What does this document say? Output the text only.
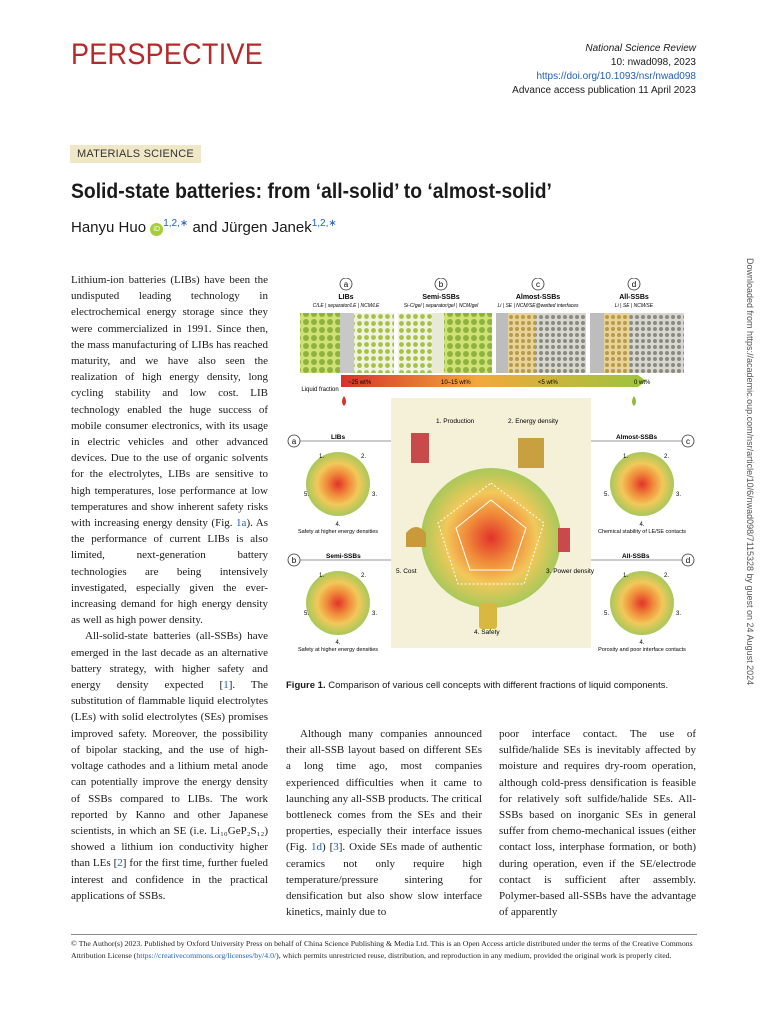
PERSPECTIVE	National Science Review
10: nwad098, 2023
https://doi.org/10.1093/nsr/nwad098
Advance access publication 11 April 2023
MATERIALS SCIENCE
Solid-state batteries: from ‘all-solid’ to ‘almost-solid’
Hanyu Huo $iD^{1,2,∗}$ and Jürgen Janek$^{1,2,∗}$

Lithium-ion batteries (LIBs) have been the undisputed leading technology in electrochemical energy storage since they were commercialized in 1991. Since then, the mass manufacturing of LIBs has reached maturity, and we have also seen the realization of high energy density, long cycling stability and low cost. LIB technology enabled the huge success of mobile consumer electronics, with its usage in electric vehicles and other advanced devices. Due to the use of organic solvents for the electrolytes, LIBs are sensitive to high temperatures, lose performance at low temperatures and show inherent safety risks with increasing energy density (Fig. 1a). As the performance of current LIBs is also limited, next-generation battery technologies are being intensively investigated, especially given the ever-increasing demand for high energy density as well as high power density.

All-solid-state batteries (all-SSBs) have emerged in the last decade as an alternative battery strategy, with higher safety and energy density expected [1]. The substitution of flammable liquid electrolytes (LEs) with solid electrolytes (SEs) promises improved safety. Moreover, the possibility of bipolar stacking, and the use of high-voltage cathodes and a lithium metal anode can potentially improve the energy density of SSBs compared to LIBs. The work reported by Kanno and other Japanese scientists, in which an SE (i.e. Li₁₀GeP₂S₁₂) showed a lithium ion conductivity higher than LEs [2] for the first time, further fueled interest and confidence in the practical applications of SSBs.

a
LIBs
C/LE | separator/LE | NCM/LE
b
Semi-SSBs
Si-C/gel | separator/gel | NCM/gel
c
Almost-SSBs
Li | SE | NCM/SE@wetted interfaces
d
All-SSBs
Li | SE | NCM/SE
Liquid fraction
~25 wt%	10–15 wt%	<5 wt%	0 wt%
1. Production	2. Energy density
3. Power density
4. Safety
5. Cost
a	LIBs
1.	2.
3.
4.
5.
Safety at higher energy densities
b	Semi-SSBs
1.	2.
3.
4.
5.
Safety at higher energy densities
c
Almost-SSBs
1.	2.
3.
4.
5.
Chemical stability of LE/SE contacts
d
All-SSBs
1.	2.
3.
4.
5.
Porosity and poor interface contacts
Figure 1. Comparison of various cell concepts with different fractions of liquid components.

Although many companies announced their all-SSB layout based on different SEs a long time ago, most companies experienced difficulties when it came to launching any all-SSB products. The critical bottleneck comes from the SEs and their properties, especially their interface issues (Fig. 1d) [3]. Oxide SEs made of authentic ceramics not only require high temperature/pressure sintering for densification but also show slow interface kinetics, mainly due to

poor interface contact. The use of sulfide/halide SEs is inevitably affected by moisture and requires dry-room operation, although cold-press densification is feasible for relatively soft sulfide/halide SEs. All-SSBs based on inorganic SEs in general suffer from chemo-mechanical issues (either contact loss, interphase formation, or both) during operation, even if the SE/electrode contact is sufficient after assembly. Polymer-based all-SSBs have the advantage of apparently

Downloaded from https://academic.oup.com/nsr/article/10/6/nwad098/7115328 by guest on 24 August 2024
© The Author(s) 2023. Published by Oxford University Press on behalf of China Science Publishing & Media Ltd. This is an Open Access article distributed under the terms of the Creative Commons Attribution License (https://creativecommons.org/licenses/by/4.0/), which permits unrestricted reuse, distribution, and reproduction in any medium, provided the original work is properly cited.
